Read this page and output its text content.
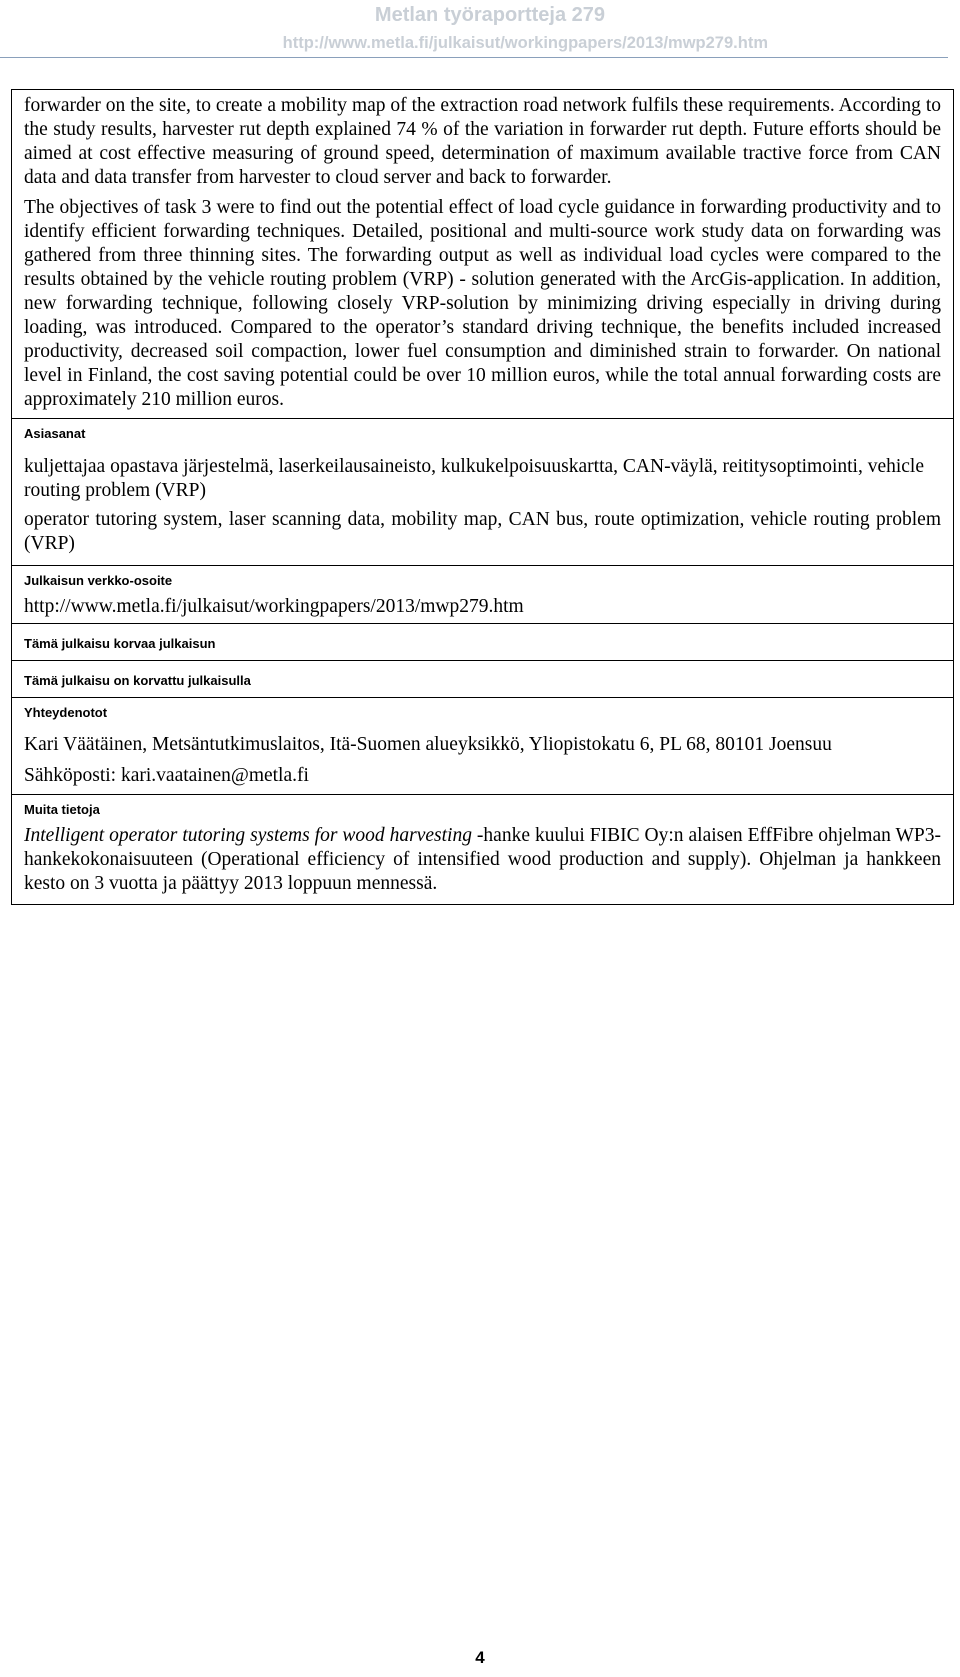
Metlan työraportteja 279
http://www.metla.fi/julkaisut/workingpapers/2013/mwp279.htm

forwarder on the site, to create a mobility map of the extraction road network fulfils these requirements. According to the study results, harvester rut depth explained 74 % of the variation in forwarder rut depth. Future efforts should be aimed at cost effective measuring of ground speed, determination of maximum available tractive force from CAN data and data transfer from harvester to cloud server and back to forwarder.

The objectives of task 3 were to find out the potential effect of load cycle guidance in forwarding productivity and to identify efficient forwarding techniques. Detailed, positional and multi-source work study data on forwarding was gathered from three thinning sites. The forwarding output as well as individual load cycles were compared to the results obtained by the vehicle routing problem (VRP) - solution generated with the ArcGis-application. In addition, new forwarding technique, following closely VRP-solution by minimizing driving especially in driving during loading, was introduced. Compared to the operator’s standard driving technique, the benefits included increased productivity, decreased soil compaction, lower fuel consumption and diminished strain to forwarder. On national level in Finland, the cost saving potential could be over 10 million euros, while the total annual forwarding costs are approximately 210 million euros.

Asiasanat

kuljettajaa opastava järjestelmä, laserkeilausaineisto, kulkukelpoisuuskartta, CAN-väylä, reititysoptimointi, vehicle routing problem (VRP)

operator tutoring system, laser scanning data, mobility map, CAN bus, route optimization, vehicle routing problem (VRP)

Julkaisun verkko-osoite
http://www.metla.fi/julkaisut/workingpapers/2013/mwp279.htm
Tämä julkaisu korvaa julkaisun
Tämä julkaisu on korvattu julkaisulla
Yhteydenotot
Kari Väätäinen, Metsäntutkimuslaitos, Itä-Suomen alueyksikkö, Yliopistokatu 6, PL 68, 80101 Joensuu
Sähköposti: kari.vaatainen@metla.fi
Muita tietoja

Intelligent operator tutoring systems for wood harvesting -hanke kuului FIBIC Oy:n alaisen EffFibre ohjelman WP3-hankekokonaisuuteen (Operational efficiency of intensified wood production and supply). Ohjelman ja hankkeen kesto on 3 vuotta ja päättyy 2013 loppuun mennessä.

4
